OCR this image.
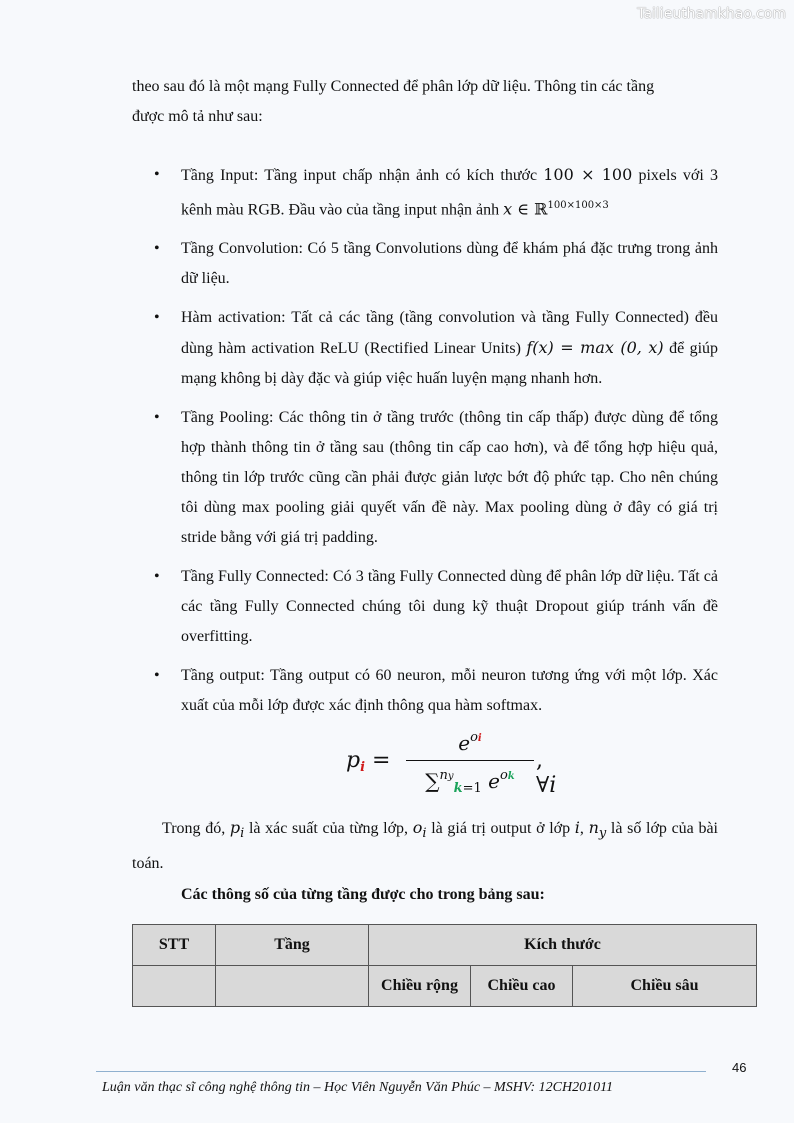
Tailieuthamkhao.com
theo sau đó là một mạng Fully Connected để phân lớp dữ liệu. Thông tin các tầng
được mô tả như sau:
• Tầng Input: Tầng input chấp nhận ảnh có kích thước 100 × 100 pixels với 3 kênh màu RGB. Đầu vào của tầng input nhận ảnh x ∈ ℝ$^{100\times 100\times 3}$
• Tầng Convolution: Có 5 tầng Convolutions dùng để khám phá đặc trưng trong ảnh dữ liệu.
• Hàm activation: Tất cả các tầng (tầng convolution và tầng Fully Connected) đều dùng hàm activation ReLU (Rectified Linear Units) f(x) = max (0, x) để giúp mạng không bị dày đặc và giúp việc huấn luyện mạng nhanh hơn.
• Tầng Pooling: Các thông tin ở tầng trước (thông tin cấp thấp) được dùng để tổng hợp thành thông tin ở tầng sau (thông tin cấp cao hơn), và để tổng hợp hiệu quả, thông tin lớp trước cũng cần phải được giản lược bớt độ phức tạp. Cho nên chúng tôi dùng max pooling giải quyết vấn đề này. Max pooling dùng ở đây có giá trị stride bằng với giá trị padding.
• Tầng Fully Connected: Có 3 tầng Fully Connected dùng để phân lớp dữ liệu. Tất cả các tầng Fully Connected chúng tôi dung kỹ thuật Dropout giúp tránh vấn đề overfitting.
• Tầng output: Tầng output có 60 neuron, mỗi neuron tương ứng với một lớp. Xác xuất của mỗi lớp được xác định thông qua hàm softmax.
$p_i$ =
$e^{oi}$
∑$^{ny}_{k=1}$ $e^{ok}$
, ∀i
Trong đó, $p_i$ là xác suất của từng lớp, $o_i$ là giá trị output ở lớp i, $n_y$ là số lớp của bài toán.
Các thông số của từng tầng được cho trong bảng sau:
STT	Tầng	Kích thước		
		Chiều rộng	Chiều cao	Chiều sâu
46
Luận văn thạc sĩ công nghệ thông tin – Học Viên Nguyễn Văn Phúc – MSHV: 12CH201011
